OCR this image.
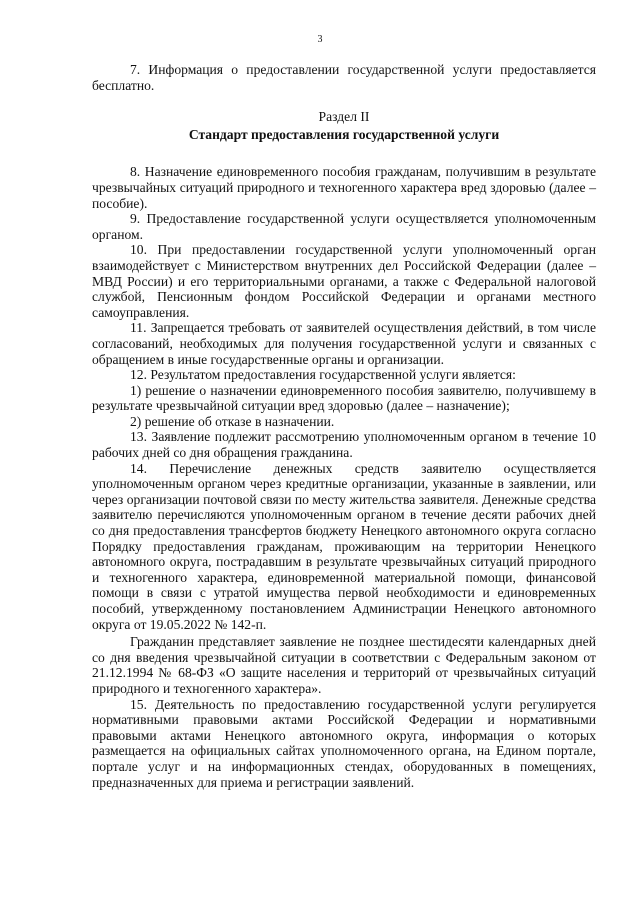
3

7. Информация о предоставлении государственной услуги предоставляется бесплатно.

Раздел II

Стандарт предоставления государственной услуги

8. Назначение единовременного пособия гражданам, получившим в результате чрезвычайных ситуаций природного и техногенного характера вред здоровью (далее – пособие).

9. Предоставление государственной услуги осуществляется уполномоченным органом.

10. При предоставлении государственной услуги уполномоченный орган взаимодействует с Министерством внутренних дел Российской Федерации (далее – МВД России) и его территориальными органами, а также с Федеральной налоговой службой, Пенсионным фондом Российской Федерации и органами местного самоуправления.

11. Запрещается требовать от заявителей осуществления действий, в том числе согласований, необходимых для получения государственной услуги и связанных с обращением в иные государственные органы и организации.

12. Результатом предоставления государственной услуги является:

1) решение о назначении единовременного пособия заявителю, получившему в результате чрезвычайной ситуации вред здоровью (далее – назначение);

2) решение об отказе в назначении.

13. Заявление подлежит рассмотрению уполномоченным органом в течение 10 рабочих дней со дня обращения гражданина.

14. Перечисление денежных средств заявителю осуществляется уполномоченным органом через кредитные организации, указанные в заявлении, или через организации почтовой связи по месту жительства заявителя. Денежные средства заявителю перечисляются уполномоченным органом в течение десяти рабочих дней со дня предоставления трансфертов бюджету Ненецкого автономного округа согласно Порядку предоставления гражданам, проживающим на территории Ненецкого автономного округа, пострадавшим в результате чрезвычайных ситуаций природного и техногенного характера, единовременной материальной помощи, финансовой помощи в связи с утратой имущества первой необходимости и единовременных пособий, утвержденному постановлением Администрации Ненецкого автономного округа от 19.05.2022 № 142-п.

Гражданин представляет заявление не позднее шестидесяти календарных дней со дня введения чрезвычайной ситуации в соответствии с Федеральным законом от 21.12.1994 № 68-ФЗ «О защите населения и территорий от чрезвычайных ситуаций природного и техногенного характера».

15. Деятельность по предоставлению государственной услуги регулируется нормативными правовыми актами Российской Федерации и нормативными правовыми актами Ненецкого автономного округа, информация о которых размещается на официальных сайтах уполномоченного органа, на Едином портале, портале услуг и на информационных стендах, оборудованных в помещениях, предназначенных для приема и регистрации заявлений.
